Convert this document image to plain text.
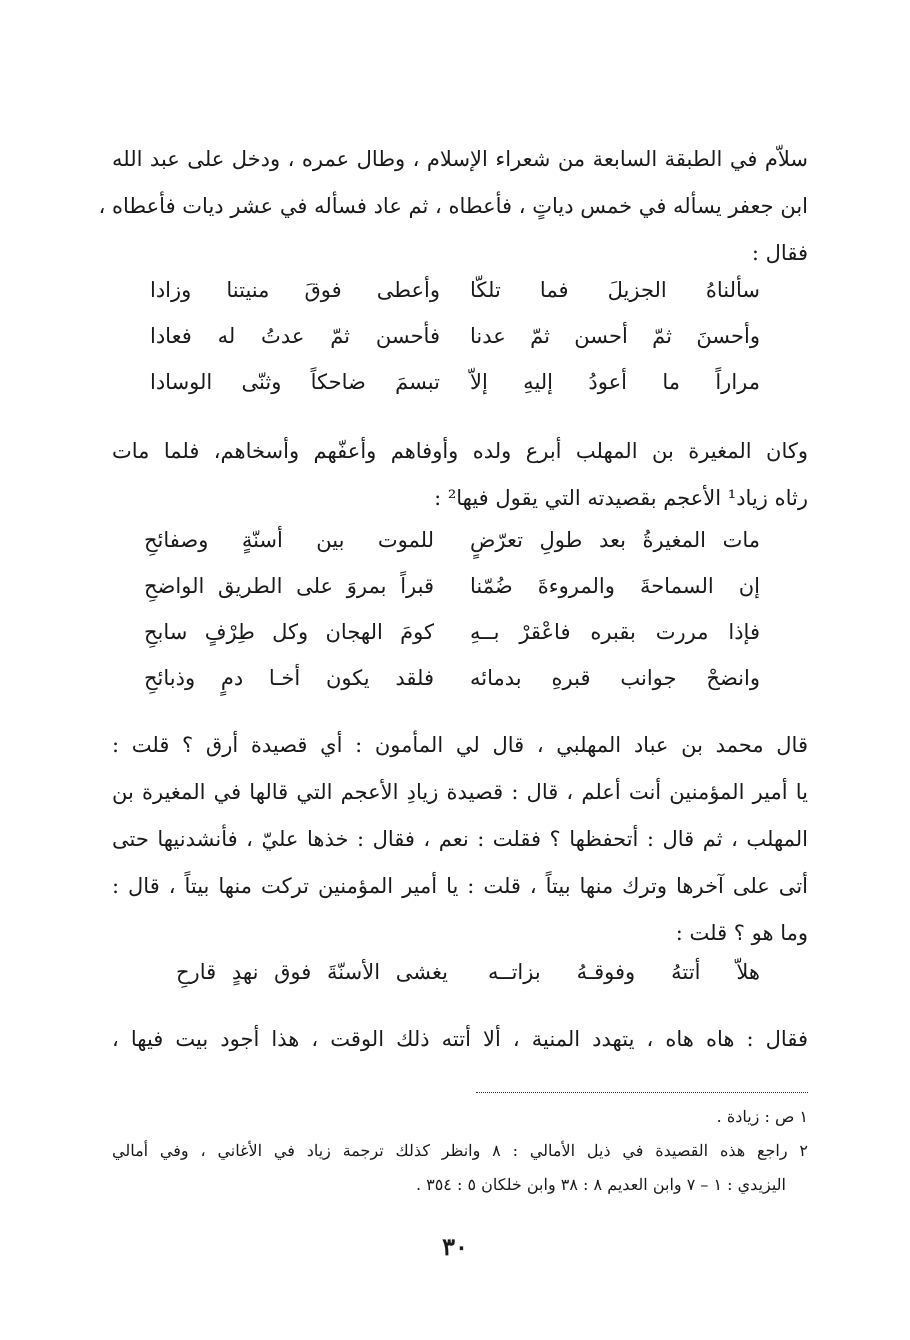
سلاّم في الطبقة السابعة من شعراء الإسلام ، وطال عمره ، ودخل على عبد الله
ابن جعفر يسأله في خمس دياتٍ ، فأعطاه ، ثم عاد فسأله في عشر ديات فأعطاه ،
فقال :

سألناهُ الجزيلَ فما تلكّا
وأعطى فوقَ منيتنا وزادا
وأحسنَ ثمّ أحسن ثمّ عدنا
فأحسن ثمّ عدتُ له فعادا
مراراً ما أعودُ إليهِ إلاّ
تبسمَ ضاحكاً وثنّى الوسادا

وكان المغيرة بن المهلب أبرع ولده وأوفاهم وأعفّهم وأسخاهم، فلما مات
رثاه زياد¹ الأعجم بقصيدته التي يقول فيها² :

مات المغيرةُ بعد طولِ تعرّضٍ
للموت بين أسنّةٍ وصفائحِ
إن السماحةَ والمروءةَ ضُمّنا
قبراً بمروَ على الطريق الواضحِ
فإذا مررت بقبره فاعْقرْ بــهِ
كومَ الهجان وكل طِرْفٍ سابحِ
وانضحْ جوانب قبرهِ بدمائه
فلقد يكون أخـا دمٍ وذبائحِ

قال محمد بن عباد المهلبي ، قال لي المأمون : أي قصيدة أرق ؟ قلت :
يا أمير المؤمنين أنت أعلم ، قال : قصيدة زيادِ الأعجم التي قالها في المغيرة بن
المهلب ، ثم قال : أتحفظها ؟ فقلت : نعم ، فقال : خذها عليّ ، فأنشدنيها حتى
أتى على آخرها وترك منها بيتاً ، قلت : يا أمير المؤمنين تركت منها بيتاً ، قال :
وما هو ؟ قلت :

هلاّ أتتهُ وفوقـهُ بزاتــه
يغشى الأسنّةَ فوق نهدٍ قارحِ

فقال : هاه هاه ، يتهدد المنية ، ألا أتته ذلك الوقت ، هذا أجود بيت فيها ،

١ ص : زيادة .
٢ راجع هذه القصيدة في ذيل الأمالي : ٨ وانظر كذلك ترجمة زياد في الأغاني ، وفي أمالي
اليزيدي : ١ – ٧ وابن العديم ٨ : ٣٨ وابن خلكان ٥ : ٣٥٤ .
٣٠
